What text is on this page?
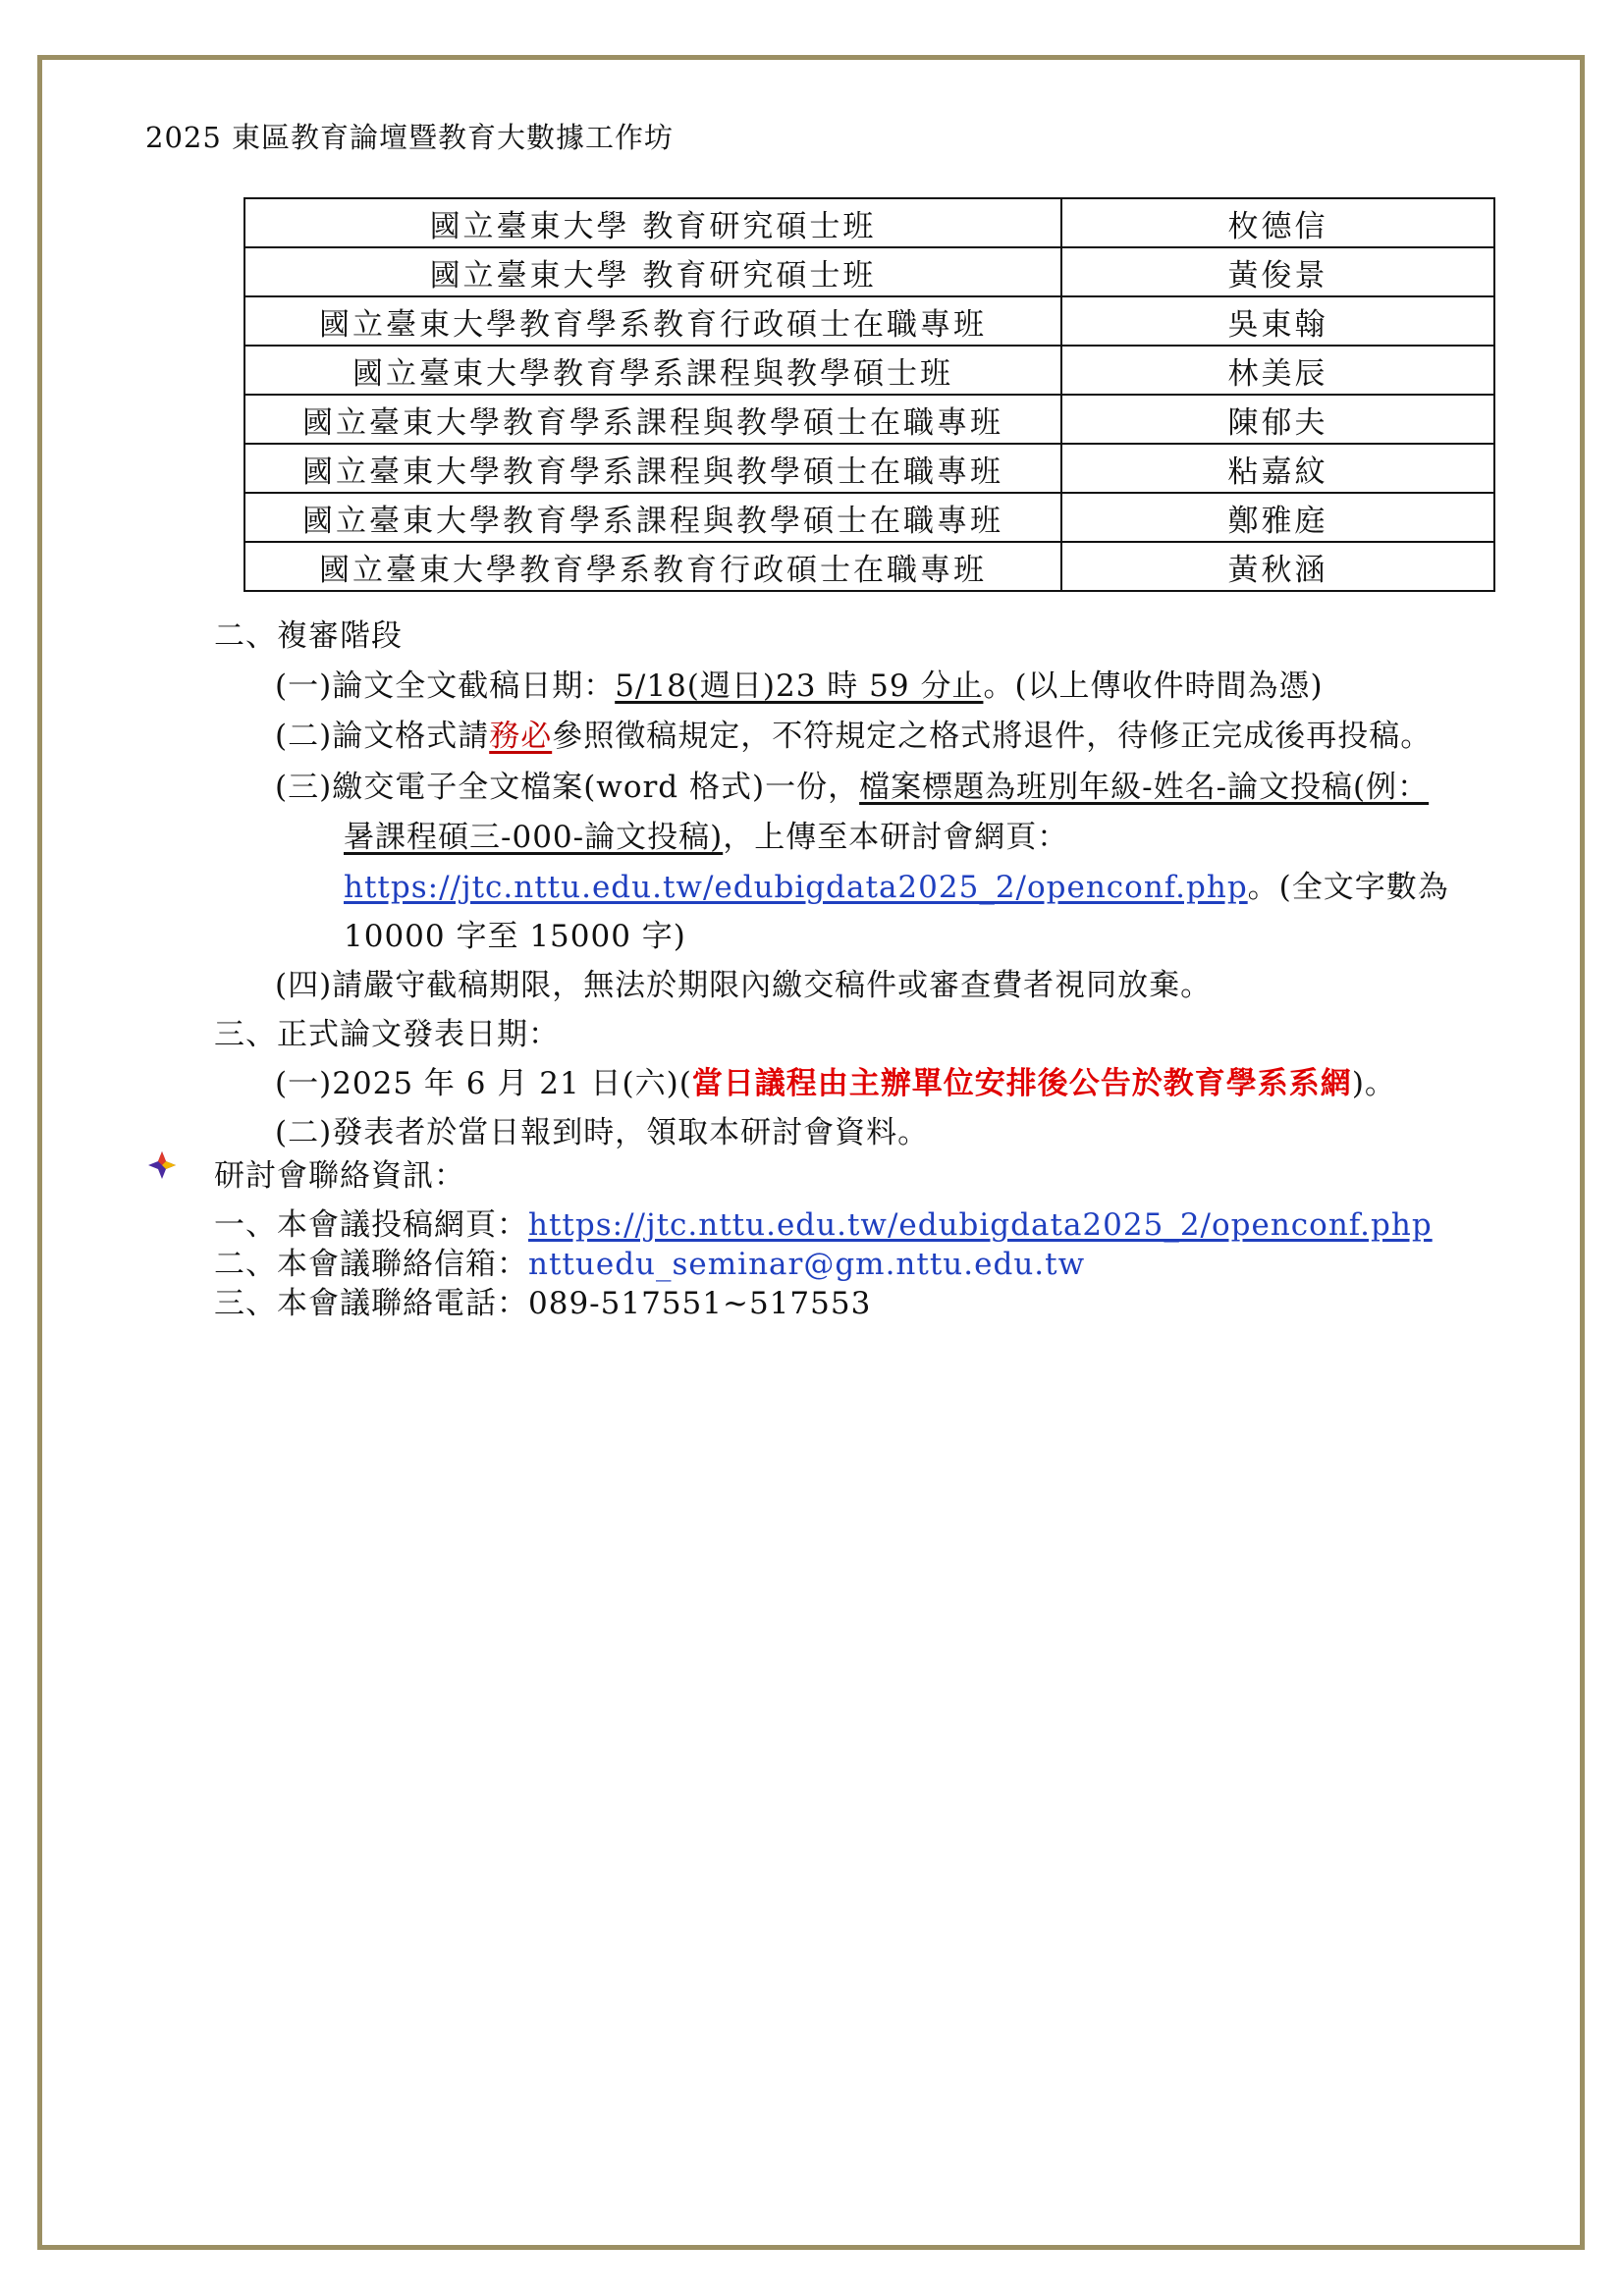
2025 東區教育論壇暨教育大數據工作坊
國立臺東大學 教育研究碩士班	枚德信
國立臺東大學 教育研究碩士班	黃俊景
國立臺東大學教育學系教育行政碩士在職專班	吳東翰
國立臺東大學教育學系課程與教學碩士班	林美辰
國立臺東大學教育學系課程與教學碩士在職專班	陳郁夫
國立臺東大學教育學系課程與教學碩士在職專班	粘嘉紋
國立臺東大學教育學系課程與教學碩士在職專班	鄭雅庭
國立臺東大學教育學系教育行政碩士在職專班	黃秋涵
二、複審階段
(一)論文全文截稿日期：5/18(週日)23 時 59 分止。(以上傳收件時間為憑)
(二)論文格式請務必參照徵稿規定，不符規定之格式將退件，待修正完成後再投稿。
(三)繳交電子全文檔案(word 格式)一份，檔案標題為班別年級-姓名-論文投稿(例：
暑課程碩三-000-論文投稿)，上傳至本研討會網頁：
https://jtc.nttu.edu.tw/edubigdata2025_2/openconf.php。(全文字數為
10000 字至 15000 字)
(四)請嚴守截稿期限，無法於期限內繳交稿件或審查費者視同放棄。
三、正式論文發表日期：
(一)2025 年 6 月 21 日(六)(當日議程由主辦單位安排後公告於教育學系系網)。
(二)發表者於當日報到時，領取本研討會資料。
研討會聯絡資訊：
一、本會議投稿網頁：https://jtc.nttu.edu.tw/edubigdata2025_2/openconf.php
二、本會議聯絡信箱：nttuedu_seminar@gm.nttu.edu.tw
三、本會議聯絡電話：089-517551~517553
